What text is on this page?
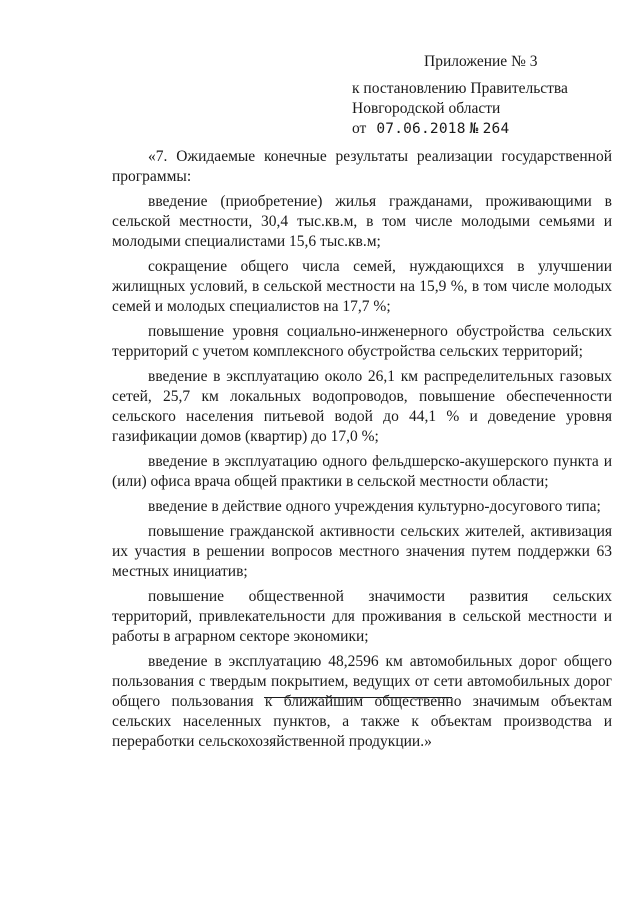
Приложение № 3
к постановлению Правительства
Новгородской области
от 07.06.2018 № 264

«7. Ожидаемые конечные результаты реализации государственной программы:

введение (приобретение) жилья гражданами, проживающими в сельской местности, 30,4 тыс.кв.м, в том числе молодыми семьями и молодыми специалистами 15,6 тыс.кв.м;

сокращение общего числа семей, нуждающихся в улучшении жилищных условий, в сельской местности на 15,9 %, в том числе молодых семей и молодых специалистов на 17,7 %;

повышение уровня социально-инженерного обустройства сельских территорий с учетом комплексного обустройства сельских территорий;

введение в эксплуатацию около 26,1 км распределительных газовых сетей, 25,7 км локальных водопроводов, повышение обеспеченности сельского населения питьевой водой до 44,1 % и доведение уровня газификации домов (квартир) до 17,0 %;

введение в эксплуатацию одного фельдшерско-акушерского пункта и (или) офиса врача общей практики в сельской местности области;

введение в действие одного учреждения культурно-досугового типа;

повышение гражданской активности сельских жителей, активизация их участия в решении вопросов местного значения путем поддержки 63 местных инициатив;

повышение общественной значимости развития сельских территорий, привлекательности для проживания в сельской местности и работы в аграрном секторе экономики;

введение в эксплуатацию 48,2596 км автомобильных дорог общего пользования с твердым покрытием, ведущих от сети автомобильных дорог общего пользования к ближайшим общественно значимым объектам сельских населенных пунктов, а также к объектам производства и переработки сельскохозяйственной продукции.»
